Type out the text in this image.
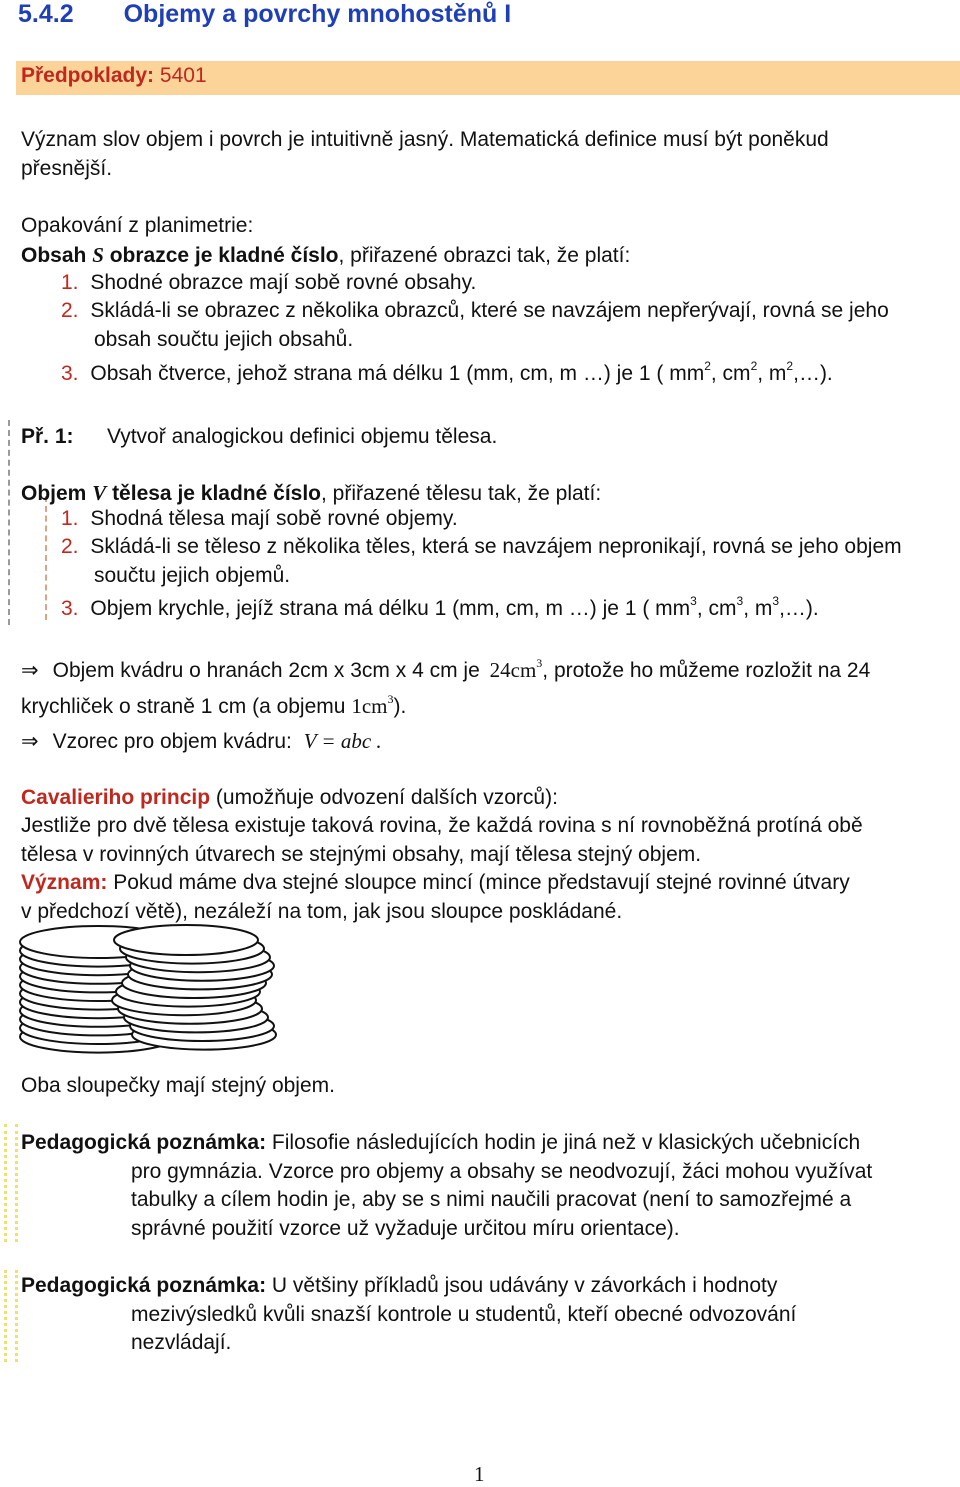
5.4.2 Objemy a povrchy mnohostěnů I
Předpoklady: 5401
Význam slov objem i povrch je intuitivně jasný. Matematická definice musí být poněkud
přesnější.
Opakování z planimetrie:
Obsah S obrazce je kladné číslo, přiřazené obrazci tak, že platí:
1. Shodné obrazce mají sobě rovné obsahy.
2. Skládá-li se obrazec z několika obrazců, které se navzájem nepřerývají, rovná se jeho
obsah součtu jejich obsahů.
3. Obsah čtverce, jehož strana má délku 1 (mm, cm, m …) je 1 ( $mm^2$, $cm^2$, $m^2,\dots$).
Př. 1: Vytvoř analogickou definici objemu tělesa.
Objem V tělesa je kladné číslo, přiřazené tělesu tak, že platí:
1. Shodná tělesa mají sobě rovné objemy.
2. Skládá-li se těleso z několika těles, která se navzájem nepronikají, rovná se jeho objem
součtu jejich objemů.
3. Objem krychle, jejíž strana má délku 1 (mm, cm, m …) je 1 ( $mm^3$, $cm^3$, $m^3,\dots$).
⇒ Objem kvádru o hranách 2cm x 3cm x 4 cm je $24cm^3$, protože ho můžeme rozložit na 24
krychliček o straně 1 cm (a objemu $1cm^3$).
⇒ Vzorec pro objem kvádru: V = abc .
Cavalieriho princip (umožňuje odvození dalších vzorců):
Jestliže pro dvě tělesa existuje taková rovina, že každá rovina s ní rovnoběžná protíná obě
tělesa v rovinných útvarech se stejnými obsahy, mají tělesa stejný objem.
Význam: Pokud máme dva stejné sloupce mincí (mince představují stejné rovinné útvary
v předchozí větě), nezáleží na tom, jak jsou sloupce poskládané.
Oba sloupečky mají stejný objem.
Pedagogická poznámka: Filosofie následujících hodin je jiná než v klasických učebnicích
pro gymnázia. Vzorce pro objemy a obsahy se neodvozují, žáci mohou využívat
tabulky a cílem hodin je, aby se s nimi naučili pracovat (není to samozřejmé a
správné použití vzorce už vyžaduje určitou míru orientace).
Pedagogická poznámka: U většiny příkladů jsou udávány v závorkách i hodnoty
mezivýsledků kvůli snazší kontrole u studentů, kteří obecné odvozování
nezvládají.
1
